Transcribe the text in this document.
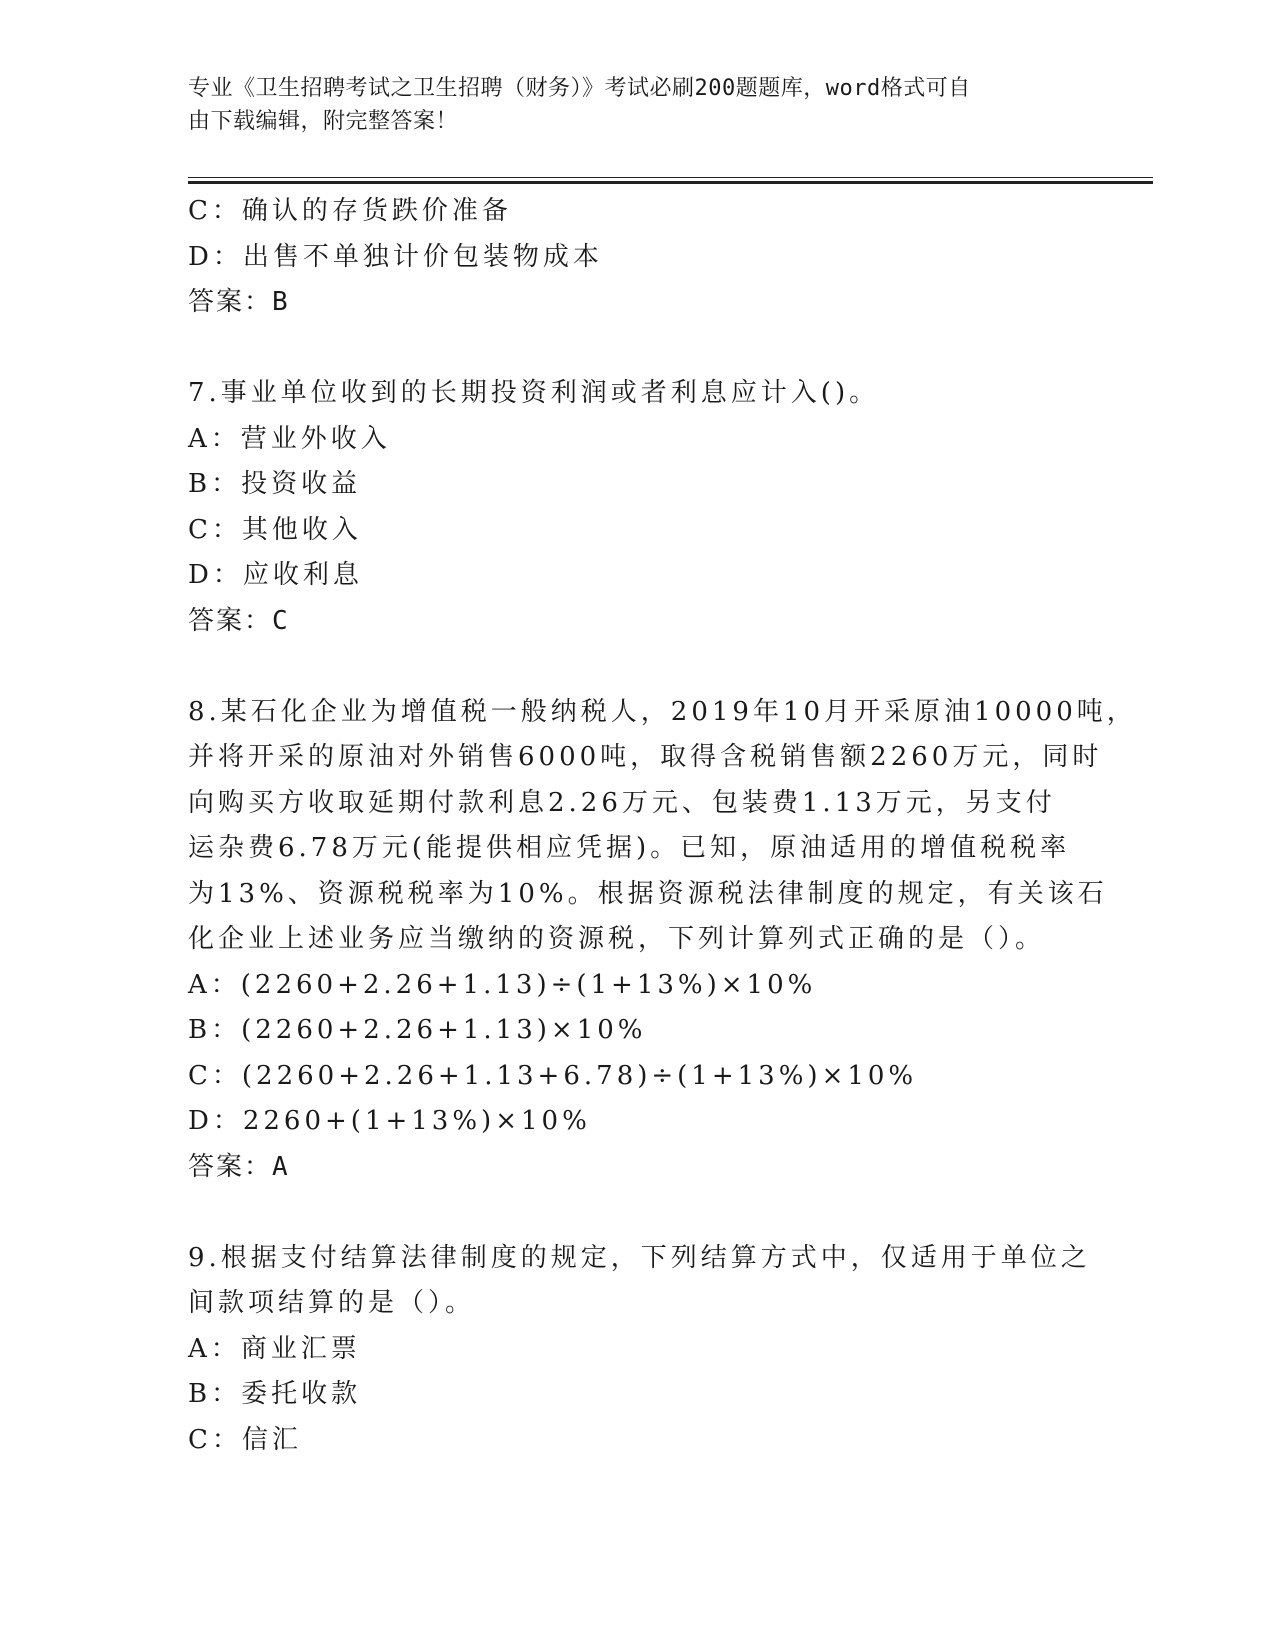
专业《卫生招聘考试之卫生招聘（财务）》考试必刷200题题库，word格式可自
由下载编辑，附完整答案！
C：确认的存货跌价准备
D：出售不单独计价包装物成本
答案：B
7.事业单位收到的长期投资利润或者利息应计入()。
A：营业外收入
B：投资收益
C：其他收入
D：应收利息
答案：C
8.某石化企业为增值税一般纳税人，2019年10月开采原油10000吨，
并将开采的原油对外销售6000吨，取得含税销售额2260万元，同时
向购买方收取延期付款利息2.26万元、包装费1.13万元，另支付
运杂费6.78万元(能提供相应凭据)。已知，原油适用的增值税税率
为13%、资源税税率为10%。根据资源税法律制度的规定，有关该石
化企业上述业务应当缴纳的资源税，下列计算列式正确的是（）。
A：(2260+2.26+1.13)÷(1+13%)×10%
B：(2260+2.26+1.13)×10%
C：(2260+2.26+1.13+6.78)÷(1+13%)×10%
D：2260+(1+13%)×10%
答案：A
9.根据支付结算法律制度的规定，下列结算方式中，仅适用于单位之
间款项结算的是（）。
A：商业汇票
B：委托收款
C：信汇
